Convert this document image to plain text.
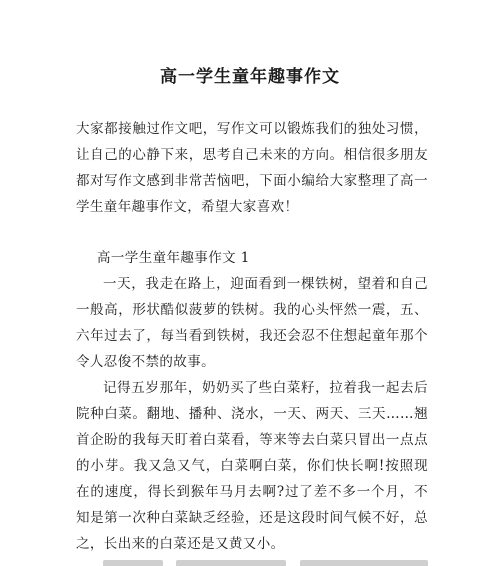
高一学生童年趣事作文

大家都接触过作文吧，写作文可以锻炼我们的独处习惯，让自己的心静下来，思考自己未来的方向。相信很多朋友都对写作文感到非常苦恼吧，下面小编给大家整理了高一学生童年趣事作文，希望大家喜欢！

高一学生童年趣事作文 1

一天，我走在路上，迎面看到一棵铁树，望着和自己一般高，形状酷似菠萝的铁树。我的心头怦然一震，五、六年过去了，每当看到铁树，我还会忍不住想起童年那个令人忍俊不禁的故事。

记得五岁那年，奶奶买了些白菜籽，拉着我一起去后院种白菜。翻地、播种、浇水，一天、两天、三天……翘首企盼的我每天盯着白菜看，等来等去白菜只冒出一点点的小芽。我又急又气，白菜啊白菜，你们快长啊!按照现在的速度，得长到猴年马月去啊?过了差不多一个月，不知是第一次种白菜缺乏经验，还是这段时间气候不好，总之，长出来的白菜还是又黄又小。
